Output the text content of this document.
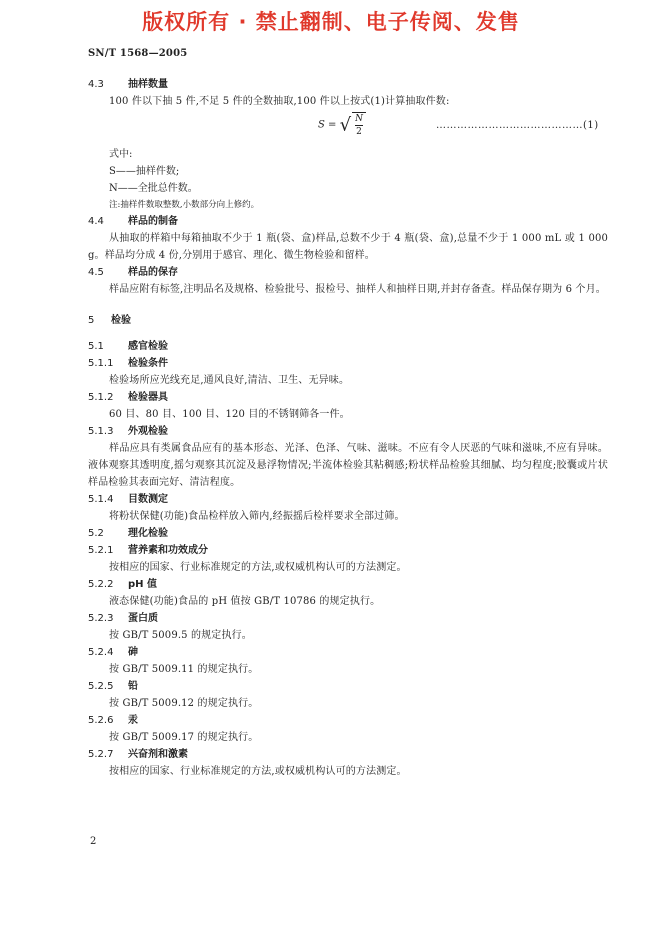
版权所有 · 禁止翻制、电子传阅、发售
SN/T 1568—2005
4.3 抽样数量
100 件以下抽 5 件,不足 5 件的全数抽取,100 件以上按式(1)计算抽取件数:
S = √ $\frac{N}{2}$	……………………………………(1)
式中:
S——抽样件数;
N——全批总件数。
注:抽样件数取整数,小数部分向上修约。
4.4 样品的制备
从抽取的样箱中每箱抽取不少于 1 瓶(袋、盒)样品,总数不少于 4 瓶(袋、盒),总量不少于 1 000 mL 或 1 000 g。样品均分成 4 份,分别用于感官、理化、微生物检验和留样。
4.5 样品的保存
样品应附有标签,注明品名及规格、检验批号、报检号、抽样人和抽样日期,并封存备查。样品保存期为 6 个月。
5 检验
5.1 感官检验
5.1.1 检验条件
检验场所应光线充足,通风良好,清洁、卫生、无异味。
5.1.2 检验器具
60 目、80 目、100 目、120 目的不锈钢筛各一件。
5.1.3 外观检验
样品应具有类属食品应有的基本形态、光泽、色泽、气味、滋味。不应有令人厌恶的气味和滋味,不应有异味。液体观察其透明度,摇匀观察其沉淀及悬浮物情况;半流体检验其粘稠感;粉状样品检验其细腻、均匀程度;胶囊或片状样品检验其表面完好、清洁程度。
5.1.4 目数测定
将粉状保健(功能)食品检样放入筛内,经振摇后检样要求全部过筛。
5.2 理化检验
5.2.1 营养素和功效成分
按相应的国家、行业标准规定的方法,或权威机构认可的方法测定。
5.2.2 pH 值
液态保健(功能)食品的 pH 值按 GB/T 10786 的规定执行。
5.2.3 蛋白质
按 GB/T 5009.5 的规定执行。
5.2.4 砷
按 GB/T 5009.11 的规定执行。
5.2.5 铅
按 GB/T 5009.12 的规定执行。
5.2.6 汞
按 GB/T 5009.17 的规定执行。
5.2.7 兴奋剂和激素
按相应的国家、行业标准规定的方法,或权威机构认可的方法测定。
2
